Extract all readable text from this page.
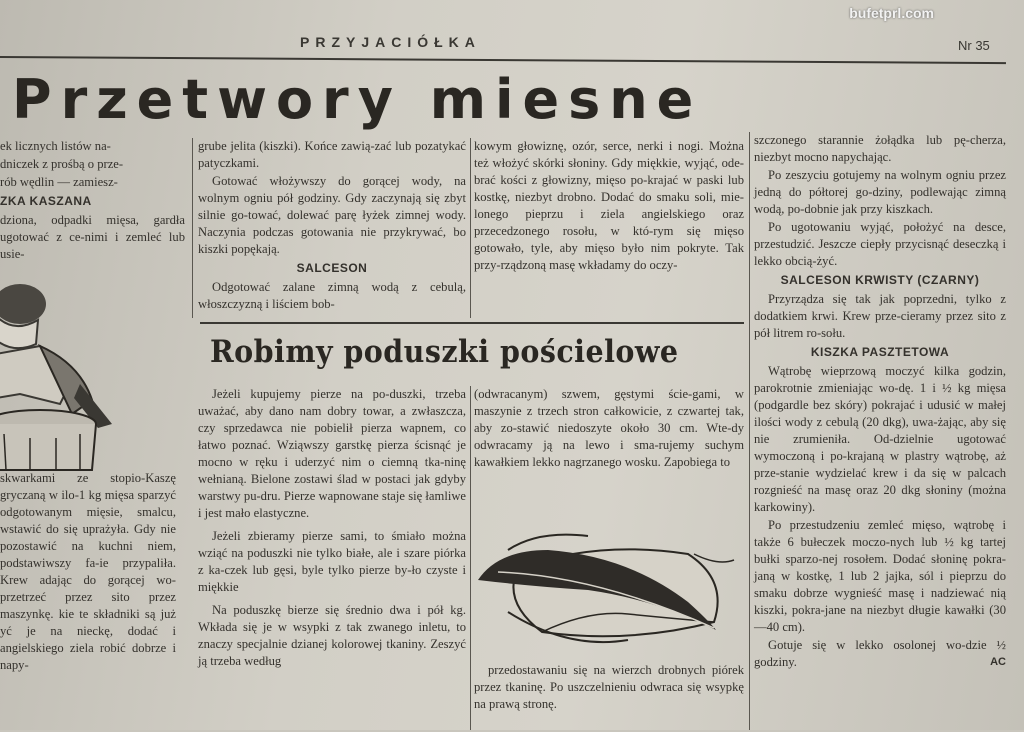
bufetprl.com
PRZYJACIÓŁKA	Nr 35
Przetwory miesne

ek licznych listów na-

dniczek z prośbą o prze-

rób wędlin — zamiesz-

ZKA KASZANA

dziona, odpadki mięsa, gardła ugotować z ce-nimi i zemleć lub usie-

grube jelita (kiszki). Końce zawią-zać lub pozatykać patyczkami.

Gotować włożywszy do gorącej wody, na wolnym ogniu pół godziny. Gdy zaczynają się zbyt silnie go-tować, dolewać parę łyżek zimnej wody. Naczynia podczas gotowania nie przykrywać, bo kiszki popękają.

SALCESON

Odgotować zalane zimną wodą z cebulą, włoszczyzną i liściem bob-

kowym głowiznę, ozór, serce, nerki i nogi. Można też włożyć skórki słoniny. Gdy miękkie, wyjąć, ode-brać kości z głowizny, mięso po-krajać w paski lub kostkę, niezbyt drobno. Dodać do smaku soli, mie-lonego pieprzu i ziela angielskiego oraz przecedzonego rosołu, w któ-rym się mięso gotowało, tyle, aby mięso było nim pokryte. Tak przy-rządzoną masę wkładamy do oczy-

szczonego starannie żołądka lub pę-cherza, niezbyt mocno napychając.

Po zeszyciu gotujemy na wolnym ogniu przez jedną do półtorej go-dziny, podlewając zimną wodą, po-dobnie jak przy kiszkach.

Po ugotowaniu wyjąć, położyć na desce, przestudzić. Jeszcze ciepły przycisnąć deseczką i lekko obcią-żyć.

SALCESON KRWISTY (CZARNY)

Przyrządza się tak jak poprzedni, tylko z dodatkiem krwi. Krew prze-cieramy przez sito z pół litrem ro-sołu.

KISZKA PASZTETOWA

Wątrobę wieprzową moczyć kilka godzin, parokrotnie zmieniając wo-dę. 1 i ½ kg mięsa (podgardle bez skóry) pokrajać i udusić w małej ilości wody z cebulą (20 dkg), uwa-żając, aby się nie zrumieniła. Od-dzielnie ugotować wymoczoną i po-krajaną w plastry wątrobę, aż prze-stanie wydzielać krew i da się w palcach rozgnieść na masę oraz 20 dkg słoniny (można karkowiny).

Po przestudzeniu zemleć mięso, wątrobę i także 6 bułeczek moczo-nych lub ½ kg tartej bułki sparzo-nej rosołem. Dodać słoninę pokra-janą w kostkę, 1 lub 2 jajka, sól i pieprzu do smaku dobrze wygnieść masę i nadziewać nią kiszki, pokra-jane na niezbyt długie kawałki (30—40 cm).

Gotuje się w lekko osolonej wo-dzie ½ godziny.	AC

Robimy poduszki pościelowe

skwarkami ze stopio-Kaszę gryczaną w ilo-1 kg mięsa sparzyć odgotowanym mięsie, smalcu, wstawić do się uprażyła. Gdy nie pozostawić na kuchni niem, podstawiwszy fa-ie przypaliła. Krew adając do gorącej wo-przetrzeć przez sito przez maszynkę. kie te składniki są już yć je na nieckę, dodać i angielskiego ziela robić dobrze i napy-

Jeżeli kupujemy pierze na po-duszki, trzeba uważać, aby dano nam dobry towar, a zwłaszcza, czy sprzedawca nie pobielił pierza wapnem, co łatwo poznać. Wziąwszy garstkę pierza ścisnąć je mocno w ręku i uderzyć nim o ciemną tka-ninę wełnianą. Bielone zostawi ślad w postaci jak gdyby warstwy pu-dru. Pierze wapnowane staje się łamliwe i jest mało elastyczne.

Jeżeli zbieramy pierze sami, to śmiało można wziąć na poduszki nie tylko białe, ale i szare piórka z ka-czek lub gęsi, byle tylko pierze by-ło czyste i miękkie

Na poduszkę bierze się średnio dwa i pół kg. Wkłada się je w wsypki z tak zwanego inletu, to znaczy specjalnie dzianej kolorowej tkaniny. Zeszyć ją trzeba według

(odwracanym) szwem, gęstymi ście-gami, w maszynie z trzech stron całkowicie, z czwartej tak, aby zo-stawić niedoszyte około 30 cm. Wte-dy odwracamy ją na lewo i sma-rujemy suchym kawałkiem lekko nagrzanego wosku. Zapobiega to

przedostawaniu się na wierzch drobnych piórek przez tkaninę. Po uszczelnieniu odwraca się wsypkę na prawą stronę.
